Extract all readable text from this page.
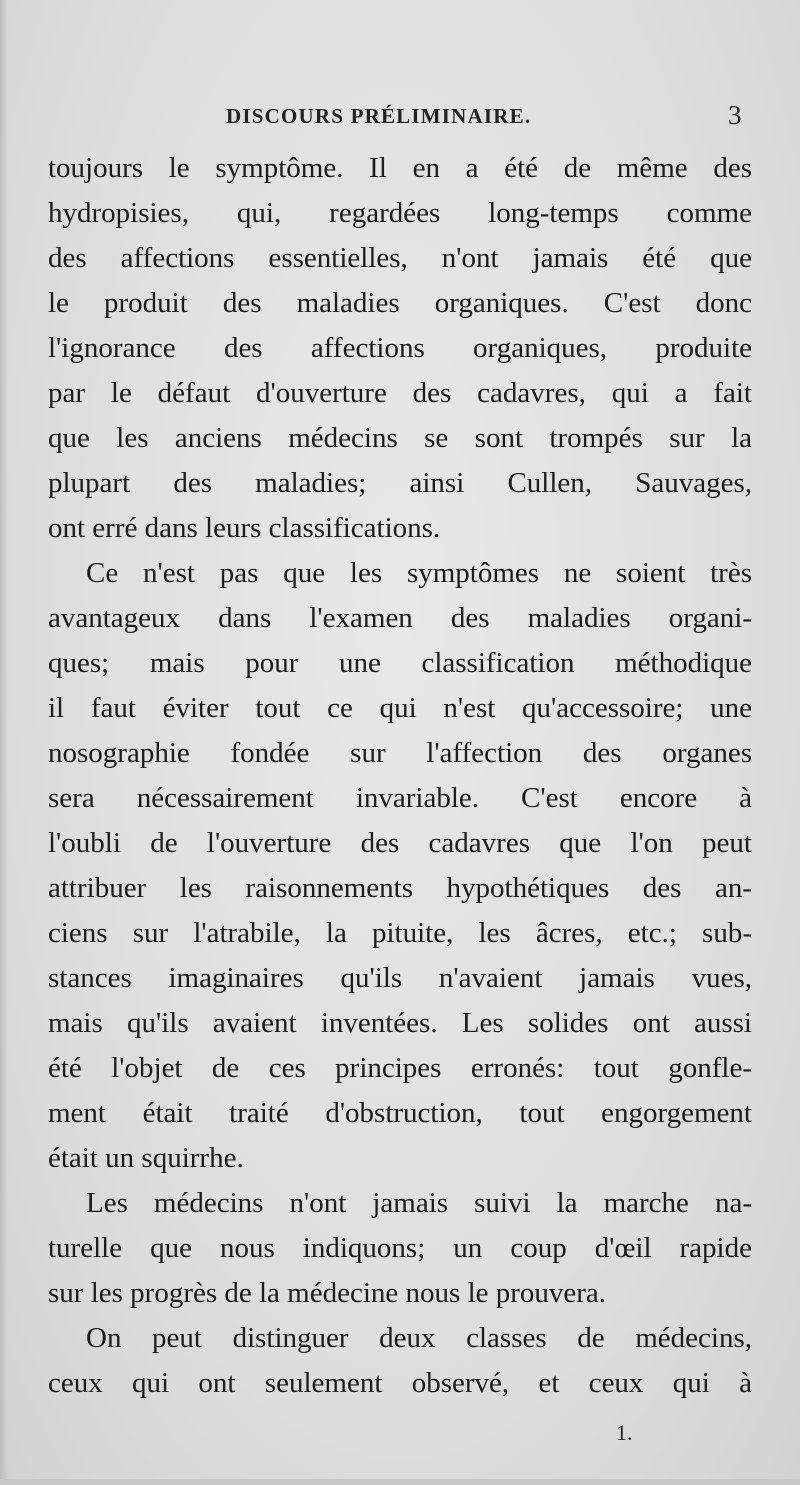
DISCOURS PRÉLIMINAIRE.	3
toujours le symptôme. Il en a été de même des
hydropisies, qui, regardées long-temps comme
des affections essentielles, n'ont jamais été que
le produit des maladies organiques. C'est donc
l'ignorance des affections organiques, produite
par le défaut d'ouverture des cadavres, qui a fait
que les anciens médecins se sont trompés sur la
plupart des maladies; ainsi Cullen, Sauvages,
ont erré dans leurs classifications.
Ce n'est pas que les symptômes ne soient très
avantageux dans l'examen des maladies organi-
ques; mais pour une classification méthodique
il faut éviter tout ce qui n'est qu'accessoire; une
nosographie fondée sur l'affection des organes
sera nécessairement invariable. C'est encore à
l'oubli de l'ouverture des cadavres que l'on peut
attribuer les raisonnements hypothétiques des an-
ciens sur l'atrabile, la pituite, les âcres, etc.; sub-
stances imaginaires qu'ils n'avaient jamais vues,
mais qu'ils avaient inventées. Les solides ont aussi
été l'objet de ces principes erronés: tout gonfle-
ment était traité d'obstruction, tout engorgement
était un squirrhe.
Les médecins n'ont jamais suivi la marche na-
turelle que nous indiquons; un coup d'œil rapide
sur les progrès de la médecine nous le prouvera.
On peut distinguer deux classes de médecins,
ceux qui ont seulement observé, et ceux qui à
1.
